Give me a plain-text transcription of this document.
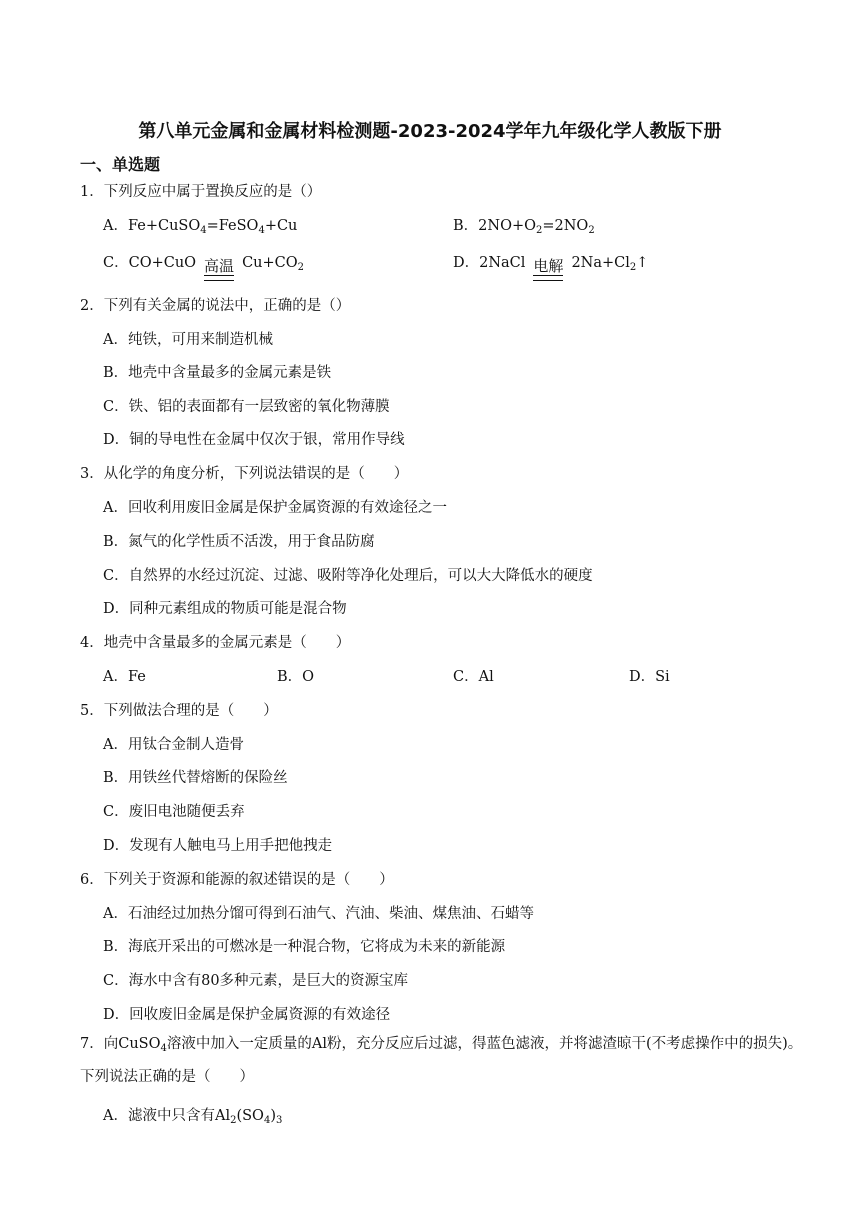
第八单元金属和金属材料检测题-2023-2024学年九年级化学人教版下册
一、单选题
1．下列反应中属于置换反应的是（）
A．Fe+CuSO$_4$=FeSO$_4$+Cu	B．$2NO+O_2=2NO_2$
C．CO+CuO 高温 $Cu+CO_2$	D．2NaCl 电解 $2Na+Cl_2↑$
2．下列有关金属的说法中，正确的是（）
A．纯铁，可用来制造机械
B．地壳中含量最多的金属元素是铁
C．铁、铝的表面都有一层致密的氧化物薄膜
D．铜的导电性在金属中仅次于银，常用作导线
3．从化学的角度分析，下列说法错误的是（　　）
A．回收利用废旧金属是保护金属资源的有效途径之一
B．氮气的化学性质不活泼，用于食品防腐
C．自然界的水经过沉淀、过滤、吸附等净化处理后，可以大大降低水的硬度
D．同种元素组成的物质可能是混合物
4．地壳中含量最多的金属元素是（　　）
A．Fe	B．O	C．Al	D．Si
5．下列做法合理的是（　　）
A．用钛合金制人造骨
B．用铁丝代替熔断的保险丝
C．废旧电池随便丢弃
D．发现有人触电马上用手把他拽走
6．下列关于资源和能源的叙述错误的是（　　）
A．石油经过加热分馏可得到石油气、汽油、柴油、煤焦油、石蜡等
B．海底开采出的可燃冰是一种混合物，它将成为未来的新能源
C．海水中含有80多种元素，是巨大的资源宝库
D．回收废旧金属是保护金属资源的有效途径
7．向CuSO$_4$溶液中加入一定质量的Al粉，充分反应后过滤，得蓝色滤液，并将滤渣晾干(不考虑操作中的损失)。下列说法正确的是（　　）
A．滤液中只含有$Al_2(SO_4)_3$
